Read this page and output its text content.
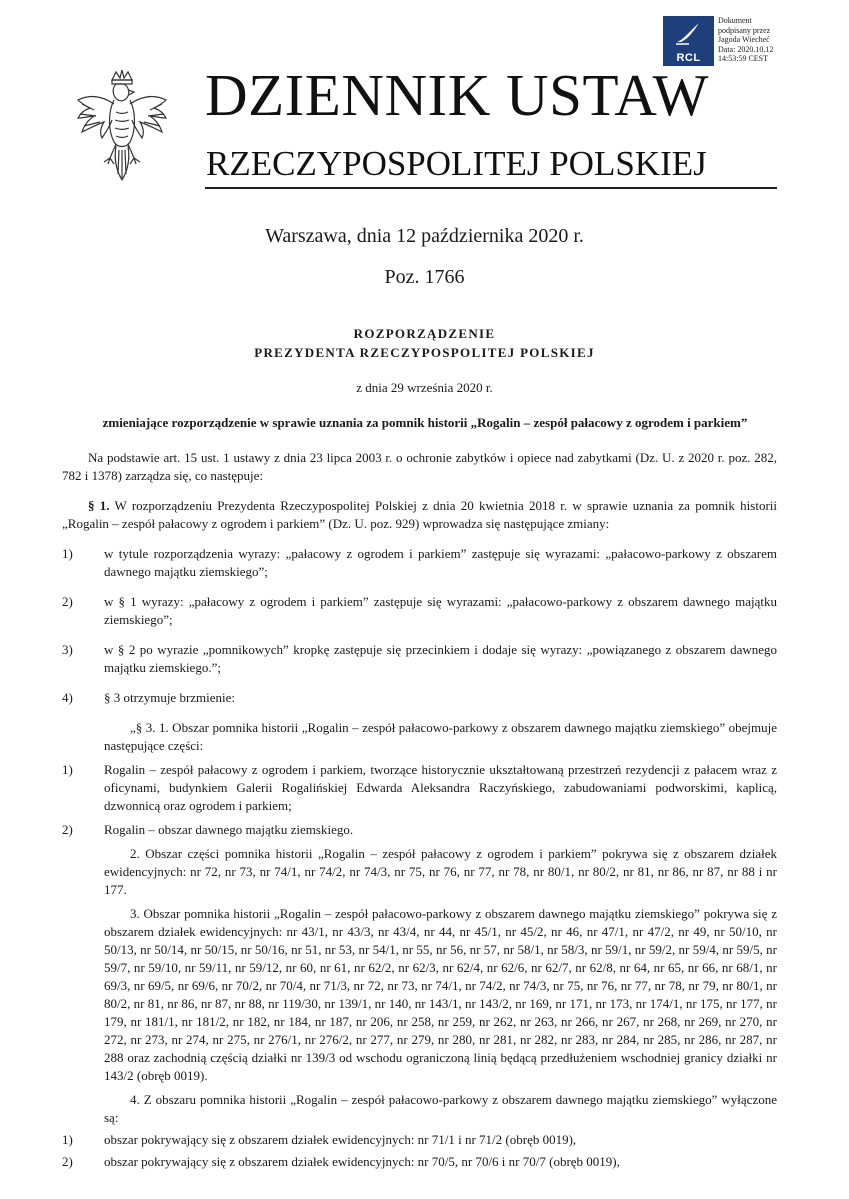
RCL
Dokument
podpisany przez
Jagoda Wiecheć
Data: 2020.10.12
14:53:59 CEST
DZIENNIK USTAW
RZECZYPOSPOLITEJ POLSKIEJ
Warszawa, dnia 12 października 2020 r.
Poz. 1766
ROZPORZĄDZENIE
PREZYDENTA RZECZYPOSPOLITEJ POLSKIEJ
z dnia 29 września 2020 r.
zmieniające rozporządzenie w sprawie uznania za pomnik historii „Rogalin – zespół pałacowy z ogrodem i parkiem”

Na podstawie art. 15 ust. 1 ustawy z dnia 23 lipca 2003 r. o ochronie zabytków i opiece nad zabytkami (Dz. U. z 2020 r. poz. 282, 782 i 1378) zarządza się, co następuje:

§ 1. W rozporządzeniu Prezydenta Rzeczypospolitej Polskiej z dnia 20 kwietnia 2018 r. w sprawie uznania za pomnik historii „Rogalin – zespół pałacowy z ogrodem i parkiem” (Dz. U. poz. 929) wprowadza się następujące zmiany:

1)	w tytule rozporządzenia wyrazy: „pałacowy z ogrodem i parkiem” zastępuje się wyrazami: „pałacowo-parkowy z obszarem dawnego majątku ziemskiego”;
2)	w § 1 wyrazy: „pałacowy z ogrodem i parkiem” zastępuje się wyrazami: „pałacowo-parkowy z obszarem dawnego majątku ziemskiego”;
3)	w § 2 po wyrazie „pomnikowych” kropkę zastępuje się przecinkiem i dodaje się wyrazy: „powiązanego z obszarem dawnego majątku ziemskiego.”;
4)	§ 3 otrzymuje brzmienie:

„§ 3. 1. Obszar pomnika historii „Rogalin – zespół pałacowo-parkowy z obszarem dawnego majątku ziemskiego” obejmuje następujące części:

1)	Rogalin – zespół pałacowy z ogrodem i parkiem, tworzące historycznie ukształtowaną przestrzeń rezydencji z pałacem wraz z oficynami, budynkiem Galerii Rogalińskiej Edwarda Aleksandra Raczyńskiego, zabudowaniami podworskimi, kaplicą, dzwonnicą oraz ogrodem i parkiem;
2)	Rogalin – obszar dawnego majątku ziemskiego.

2. Obszar części pomnika historii „Rogalin – zespół pałacowy z ogrodem i parkiem” pokrywa się z obszarem działek ewidencyjnych: nr 72, nr 73, nr 74/1, nr 74/2, nr 74/3, nr 75, nr 76, nr 77, nr 78, nr 80/1, nr 80/2, nr 81, nr 86, nr 87, nr 88 i nr 177.

3. Obszar pomnika historii „Rogalin – zespół pałacowo-parkowy z obszarem dawnego majątku ziemskiego” pokrywa się z obszarem działek ewidencyjnych: nr 43/1, nr 43/3, nr 43/4, nr 44, nr 45/1, nr 45/2, nr 46, nr 47/1, nr 47/2, nr 49, nr 50/10, nr 50/13, nr 50/14, nr 50/15, nr 50/16, nr 51, nr 53, nr 54/1, nr 55, nr 56, nr 57, nr 58/1, nr 58/3, nr 59/1, nr 59/2, nr 59/4, nr 59/5, nr 59/7, nr 59/10, nr 59/11, nr 59/12, nr 60, nr 61, nr 62/2, nr 62/3, nr 62/4, nr 62/6, nr 62/7, nr 62/8, nr 64, nr 65, nr 66, nr 68/1, nr 69/3, nr 69/5, nr 69/6, nr 70/2, nr 70/4, nr 71/3, nr 72, nr 73, nr 74/1, nr 74/2, nr 74/3, nr 75, nr 76, nr 77, nr 78, nr 79, nr 80/1, nr 80/2, nr 81, nr 86, nr 87, nr 88, nr 119/30, nr 139/1, nr 140, nr 143/1, nr 143/2, nr 169, nr 171, nr 173, nr 174/1, nr 175, nr 177, nr 179, nr 181/1, nr 181/2, nr 182, nr 184, nr 187, nr 206, nr 258, nr 259, nr 262, nr 263, nr 266, nr 267, nr 268, nr 269, nr 270, nr 272, nr 273, nr 274, nr 275, nr 276/1, nr 276/2, nr 277, nr 279, nr 280, nr 281, nr 282, nr 283, nr 284, nr 285, nr 286, nr 287, nr 288 oraz zachodnią częścią działki nr 139/3 od wschodu ograniczoną linią będącą przedłużeniem wschodniej granicy działki nr 143/2 (obręb 0019).

4. Z obszaru pomnika historii „Rogalin – zespół pałacowo-parkowy z obszarem dawnego majątku ziemskiego” wyłączone są:

1)	obszar pokrywający się z obszarem działek ewidencyjnych: nr 71/1 i nr 71/2 (obręb 0019),
2)	obszar pokrywający się z obszarem działek ewidencyjnych: nr 70/5, nr 70/6 i nr 70/7 (obręb 0019),
